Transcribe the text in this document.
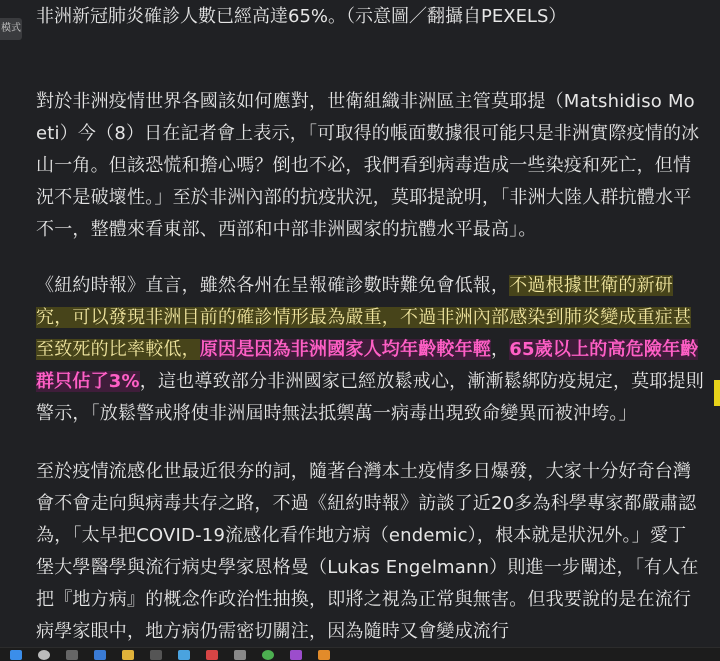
模式

非洲新冠肺炎確診人數已經高達65%。（示意圖／翻攝自PEXELS）

對於非洲疫情世界各國該如何應對，世衛組織非洲區主管莫耶提（Matshidiso Moeti）今（8）日在記者會上表示，「可取得的帳面數據很可能只是非洲實際疫情的冰山一角。但該恐慌和擔心嗎？倒也不必，我們看到病毒造成一些染疫和死亡，但情況不是破壞性。」至於非洲內部的抗疫狀況，莫耶提說明，「非洲大陸人群抗體水平不一，整體來看東部、西部和中部非洲國家的抗體水平最高」。

《紐約時報》直言，雖然各州在呈報確診數時難免會低報，不過根據世衛的新研究，可以發現非洲目前的確診情形最為嚴重，不過非洲內部感染到肺炎變成重症甚至致死的比率較低，原因是因為非洲國家人均年齡較年輕，65歲以上的高危險年齡群只佔了3%，這也導致部分非洲國家已經放鬆戒心，漸漸鬆綁防疫規定，莫耶提則警示，「放鬆警戒將使非洲屆時無法抵禦萬一病毒出現致命變異而被沖垮。」

至於疫情流感化世最近很夯的詞，隨著台灣本土疫情多日爆發，大家十分好奇台灣會不會走向與病毒共存之路，不過《紐約時報》訪談了近20多為科學專家都嚴肅認為，「太早把COVID-19流感化看作地方病（endemic），根本就是狀況外。」愛丁堡大學醫學與流行病史學家恩格曼（Lukas Engelmann）則進一步闡述，「有人在把『地方病』的概念作政治性抽換，即將之視為正常與無害。但我要說的是在流行病學家眼中，地方病仍需密切關注，因為隨時又會變成流行
